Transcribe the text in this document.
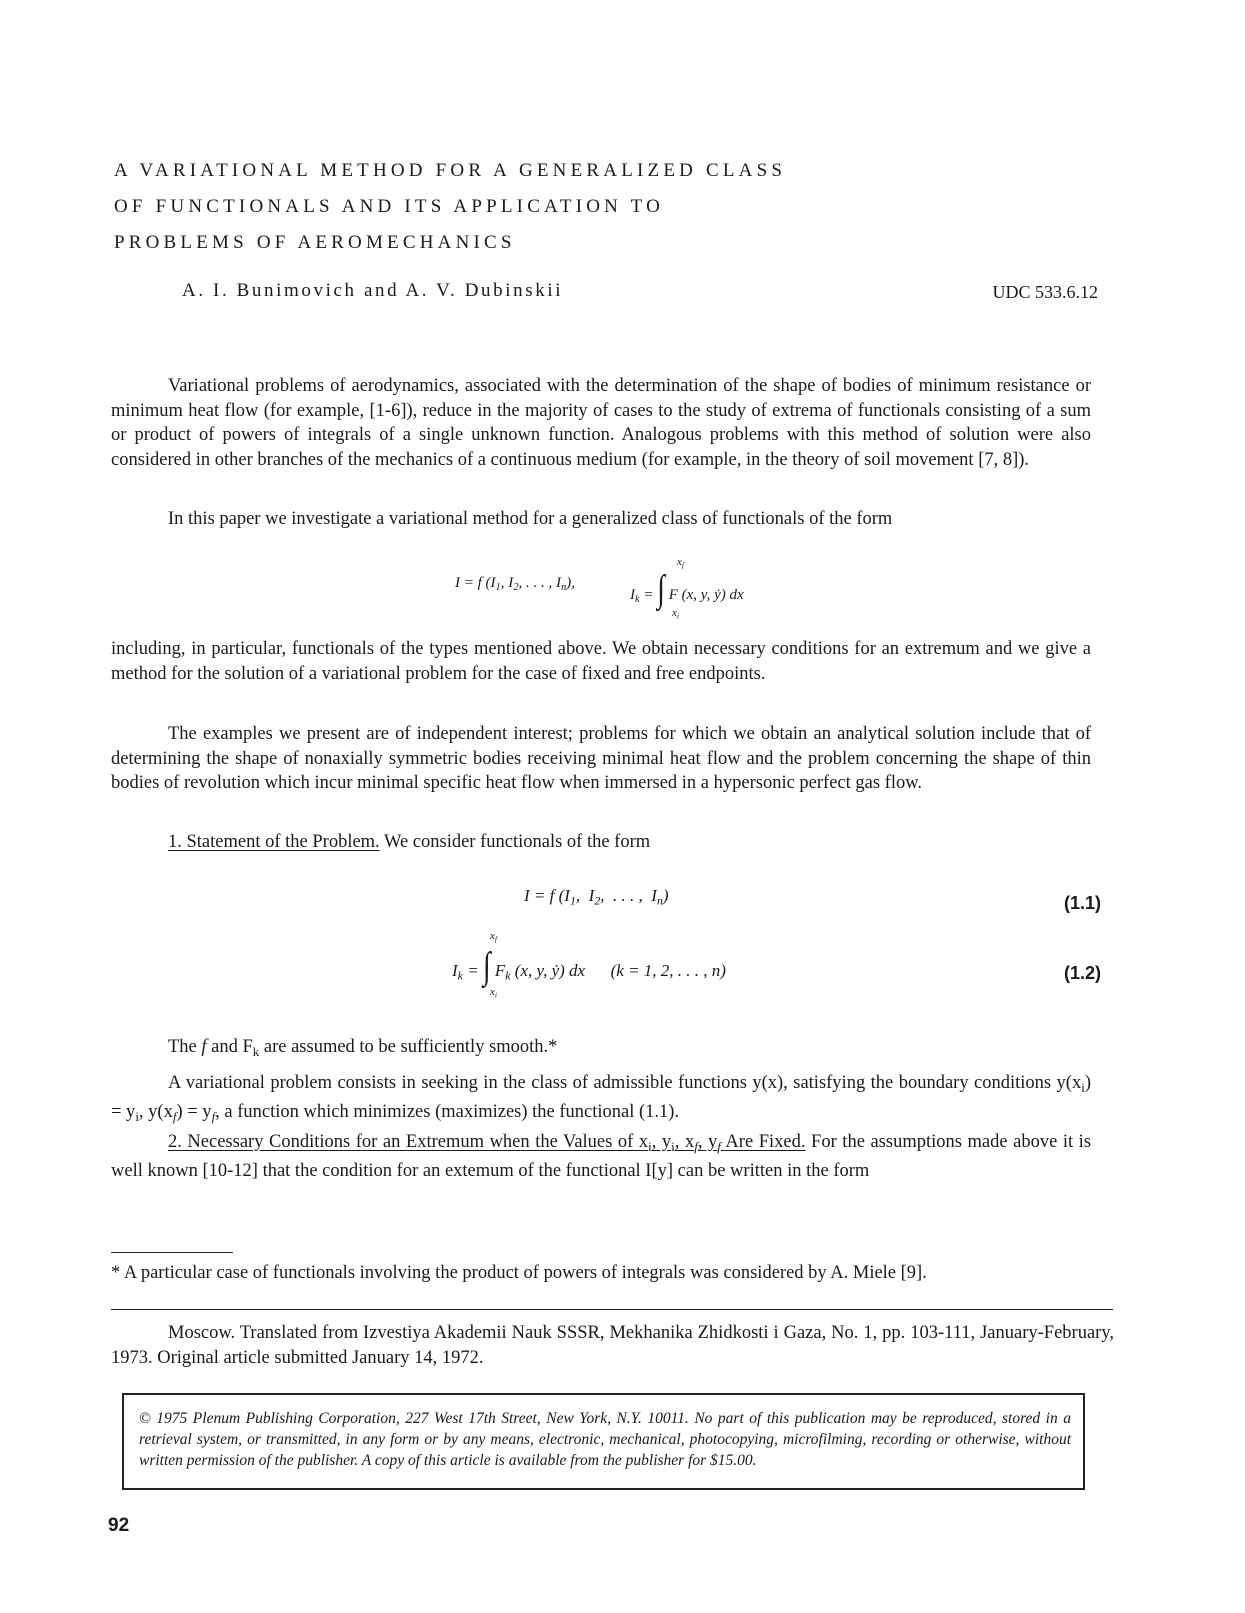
A VARIATIONAL METHOD FOR A GENERALIZED CLASS
OF FUNCTIONALS AND ITS APPLICATION TO
PROBLEMS OF AEROMECHANICS
A. I. Bunimovich and A. V. Dubinskii	UDC 533.6.12
Variational problems of aerodynamics, associated with the determination of the shape of bodies of minimum resistance or minimum heat flow (for example, [1-6]), reduce in the majority of cases to the study of extrema of functionals consisting of a sum or product of powers of integrals of a single unknown function. Analogous problems with this method of solution were also considered in other branches of the mechanics of a continuous medium (for example, in the theory of soil movement [7, 8]).
In this paper we investigate a variational method for a generalized class of functionals of the form
I = f ($I_1$, $I_2$, . . . , $I_n$),
$x_f$
$I_k$ = ∫ F (x, y, ẏ) dx
$x_i$
including, in particular, functionals of the types mentioned above. We obtain necessary conditions for an extremum and we give a method for the solution of a variational problem for the case of fixed and free endpoints.
The examples we present are of independent interest; problems for which we obtain an analytical solution include that of determining the shape of nonaxially symmetric bodies receiving minimal heat flow and the problem concerning the shape of thin bodies of revolution which incur minimal specific heat flow when immersed in a hypersonic perfect gas flow.
1. Statement of the Problem. We consider functionals of the form
I = f ($I_1$,  $I_2$,  . . . ,  $I_n$)	(1.1)
$x_f$
$I_k$ = ∫ $F_k$ (x, y, ẏ) dx      (k = 1, 2, . . . , n)
$x_i$
(1.2)
The f and $F_k$ are assumed to be sufficiently smooth.*
A variational problem consists in seeking in the class of admissible functions y(x), satisfying the boundary conditions $y(x_i) = y_i$, $y(x_f) = y_f$, a function which minimizes (maximizes) the functional (1.1).
2. Necessary Conditions for an Extremum when the Values of $x_i$, $y_i$, $x_f$, $y_f$ Are Fixed. For the assumptions made above it is well known [10-12] that the condition for an extemum of the functional I[y] can be written in the form
* A particular case of functionals involving the product of powers of integrals was considered by A. Miele [9].
Moscow. Translated from Izvestiya Akademii Nauk SSSR, Mekhanika Zhidkosti i Gaza, No. 1, pp. 103-111, January-February, 1973. Original article submitted January 14, 1972.
© 1975 Plenum Publishing Corporation, 227 West 17th Street, New York, N.Y. 10011. No part of this publication may be reproduced, stored in a retrieval system, or transmitted, in any form or by any means, electronic, mechanical, photocopying, microfilming, recording or otherwise, without written permission of the publisher. A copy of this article is available from the publisher for $15.00.
92
